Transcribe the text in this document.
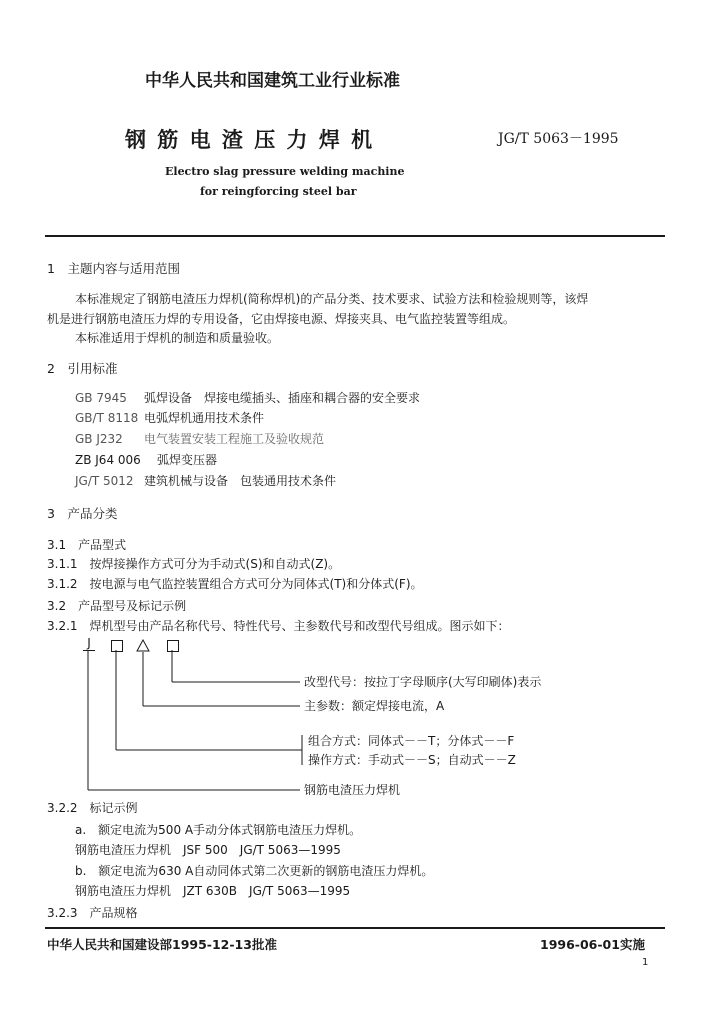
中华人民共和国建筑工业行业标准
钢 筋 电 渣 压 力 焊 机	JG/T 5063－1995
Electro slag pressure welding machine
for reingforcing steel bar
1　主题内容与适用范围
本标准规定了钢筋电渣压力焊机(简称焊机)的产品分类、技术要求、试验方法和检验规则等，该焊
机是进行钢筋电渣压力焊的专用设备，它由焊接电源、焊接夹具、电气监控装置等组成。
本标准适用于焊机的制造和质量验收。
2　引用标准
GB 7945 弧焊设备　焊接电缆插头、插座和耦合器的安全要求
GB/T 8118 电弧焊机通用技术条件
GB J232 电气装置安装工程施工及验收规范
ZB J64 006 弧焊变压器
JG/T 5012 建筑机械与设备　包装通用技术条件
3　产品分类
3.1　产品型式
3.1.1　按焊接操作方式可分为手动式(S)和自动式(Z)。
3.1.2　按电源与电气监控装置组合方式可分为同体式(T)和分体式(F)。
3.2　产品型号及标记示例
3.2.1　焊机型号由产品名称代号、特性代号、主参数代号和改型代号组成。图示如下：
J
改型代号：按拉丁字母顺序(大写印刷体)表示
主参数：额定焊接电流，A
组合方式：同体式－－T；分体式－－F
操作方式：手动式－－S；自动式－－Z
钢筋电渣压力焊机
3.2.2　标记示例
a.　额定电流为500 A手动分体式钢筋电渣压力焊机。
钢筋电渣压力焊机　JSF 500　JG/T 5063—1995
b.　额定电流为630 A自动同体式第二次更新的钢筋电渣压力焊机。
钢筋电渣压力焊机　JZT 630B　JG/T 5063—1995
3.2.3　产品规格
中华人民共和国建设部1995-12-13批准	1996-06-01实施
1
